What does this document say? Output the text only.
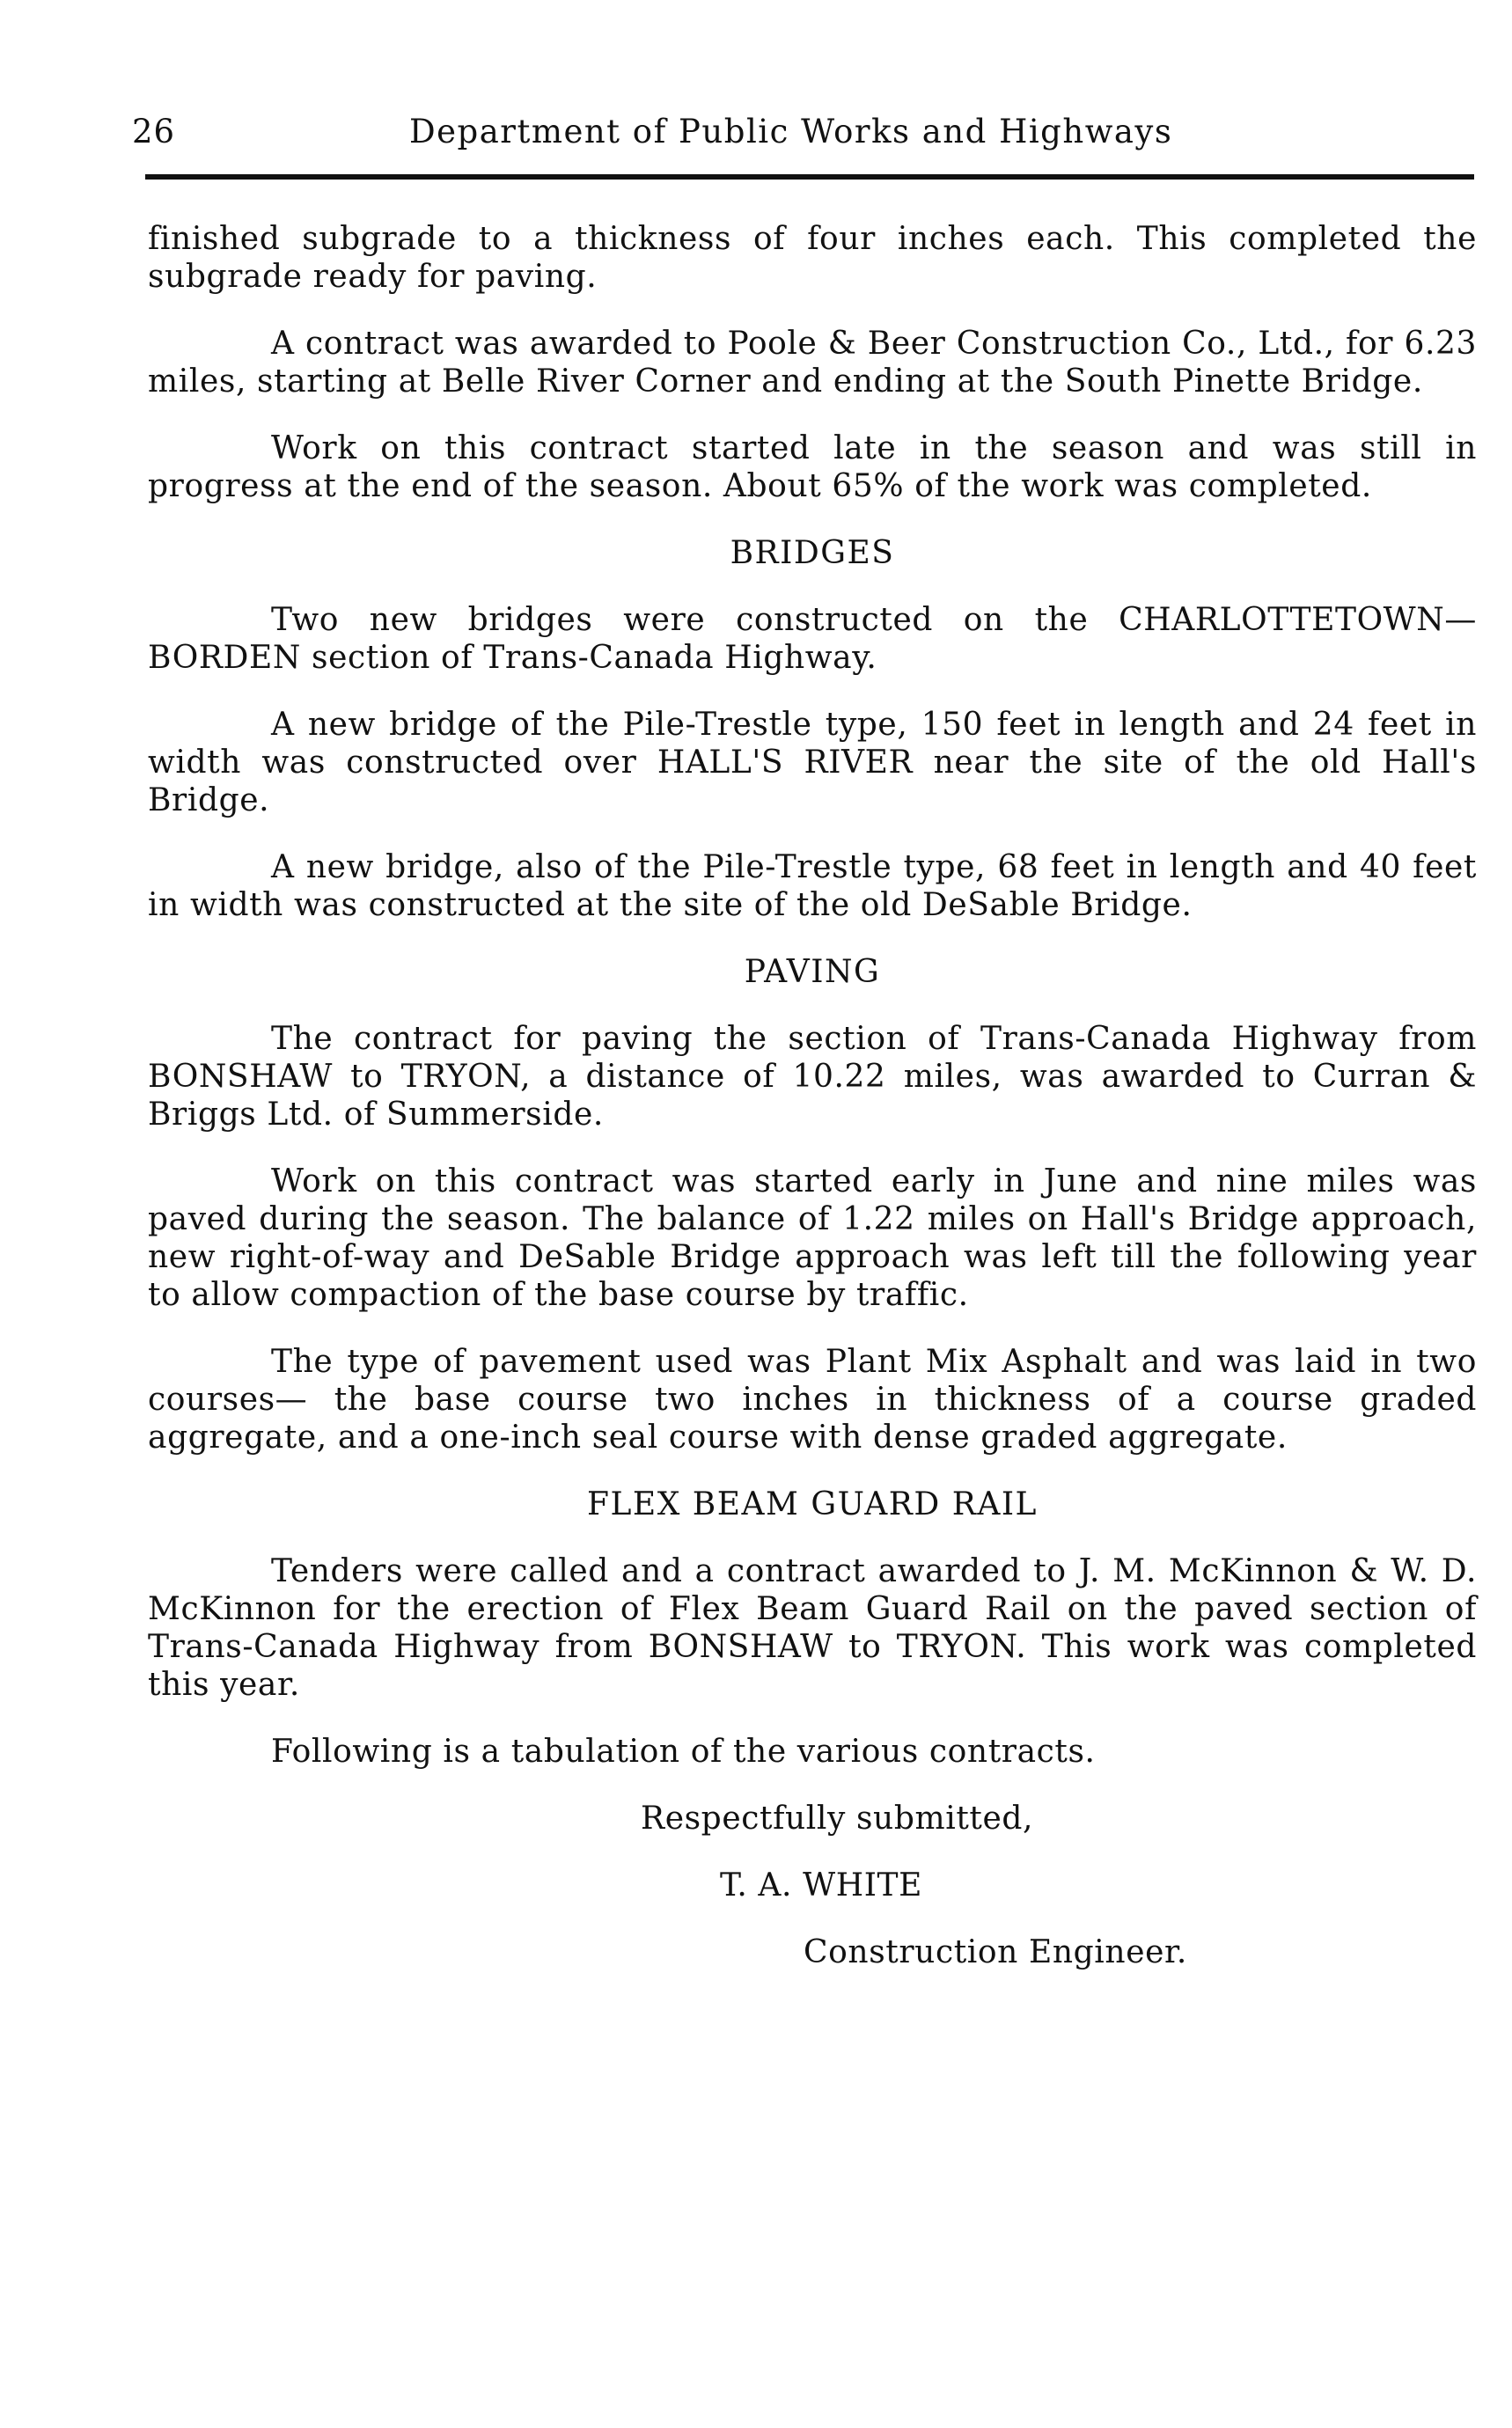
26	Department of Public Works and Highways

finished subgrade to a thickness of four inches each. This completed the subgrade ready for paving.

A contract was awarded to Poole & Beer Construction Co., Ltd., for 6.23 miles, starting at Belle River Corner and ending at the South Pinette Bridge.

Work on this contract started late in the season and was still in progress at the end of the season. About 65% of the work was completed.

BRIDGES

Two new bridges were constructed on the CHARLOTTETOWN—BORDEN section of Trans-Canada Highway.

A new bridge of the Pile-Trestle type, 150 feet in length and 24 feet in width was constructed over HALL'S RIVER near the site of the old Hall's Bridge.

A new bridge, also of the Pile-Trestle type, 68 feet in length and 40 feet in width was constructed at the site of the old DeSable Bridge.

PAVING

The contract for paving the section of Trans-Canada Highway from BONSHAW to TRYON, a distance of 10.22 miles, was awarded to Curran & Briggs Ltd. of Summerside.

Work on this contract was started early in June and nine miles was paved during the season. The balance of 1.22 miles on Hall's Bridge approach, new right-of-way and DeSable Bridge approach was left till the following year to allow compaction of the base course by traffic.

The type of pavement used was Plant Mix Asphalt and was laid in two courses— the base course two inches in thickness of a course graded aggregate, and a one-inch seal course with dense graded aggregate.

FLEX BEAM GUARD RAIL

Tenders were called and a contract awarded to J. M. McKinnon & W. D. McKinnon for the erection of Flex Beam Guard Rail on the paved section of Trans-Canada Highway from BONSHAW to TRYON. This work was completed this year.

Following is a tabulation of the various contracts.

Respectfully submitted,
T. A. WHITE
Construction Engineer.
